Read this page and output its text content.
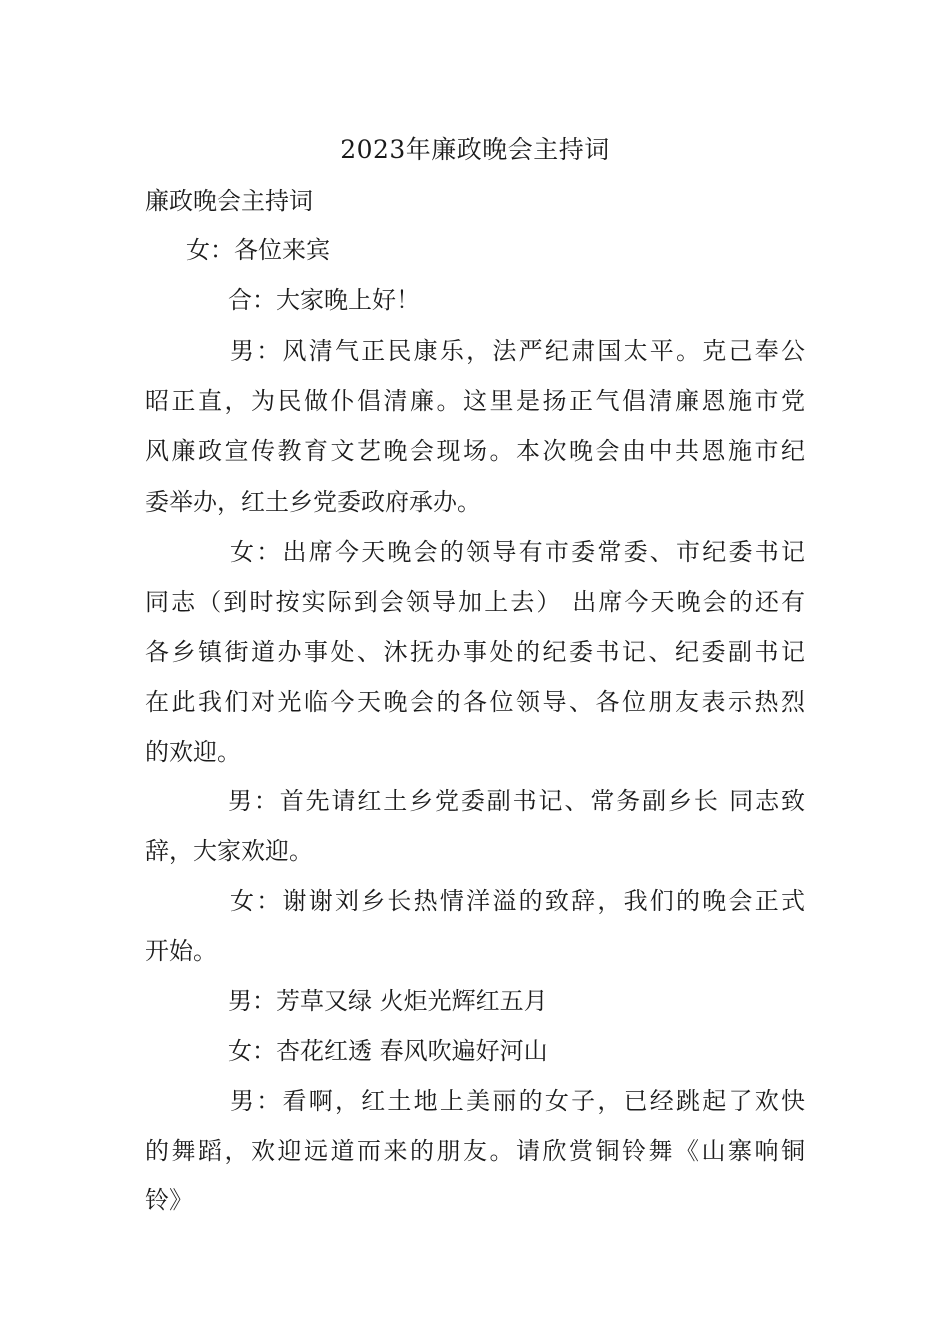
2023年廉政晚会主持词
廉政晚会主持词
女：各位来宾
合：大家晚上好！
男：风清气正民康乐，法严纪肃国太平。克己奉公
昭正直，为民做仆倡清廉。这里是扬正气倡清廉恩施市党
风廉政宣传教育文艺晚会现场。本次晚会由中共恩施市纪
委举办，红土乡党委政府承办。
女：出席今天晚会的领导有市委常委、市纪委书记
同志（到时按实际到会领导加上去） 出席今天晚会的还有
各乡镇街道办事处、沐抚办事处的纪委书记、纪委副书记
在此我们对光临今天晚会的各位领导、各位朋友表示热烈
的欢迎。
男：首先请红土乡党委副书记、常务副乡长 同志致
辞，大家欢迎。
女：谢谢刘乡长热情洋溢的致辞，我们的晚会正式
开始。
男：芳草又绿 火炬光辉红五月
女：杏花红透 春风吹遍好河山
男：看啊，红土地上美丽的女子，已经跳起了欢快
的舞蹈，欢迎远道而来的朋友。请欣赏铜铃舞《山寨响铜
铃》
